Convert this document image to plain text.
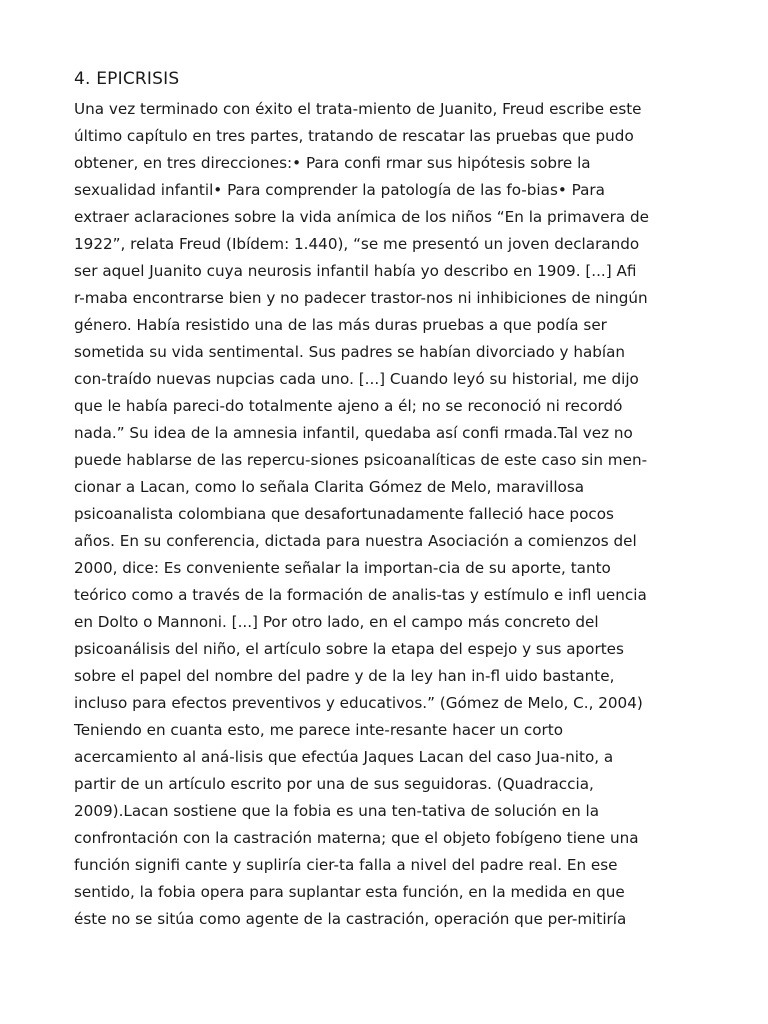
4. EPICRISIS
Una vez terminado con éxito el trata-miento de Juanito, Freud escribe este
último capítulo en tres partes, tratando de rescatar las pruebas que pudo
obtener, en tres direcciones:• Para confi rmar sus hipótesis sobre la
sexualidad infantil• Para comprender la patología de las fo-bias• Para
extraer aclaraciones sobre la vida anímica de los niños “En la primavera de
1922”, relata Freud (Ibídem: 1.440), “se me presentó un joven declarando
ser aquel Juanito cuya neurosis infantil había yo describo en 1909. [...] Afi
r-maba encontrarse bien y no padecer trastor-nos ni inhibiciones de ningún
género. Había resistido una de las más duras pruebas a que podía ser
sometida su vida sentimental. Sus padres se habían divorciado y habían
con-traído nuevas nupcias cada uno. [...] Cuando leyó su historial, me dijo
que le había pareci-do totalmente ajeno a él; no se reconoció ni recordó
nada.” Su idea de la amnesia infantil, quedaba así confi rmada.Tal vez no
puede hablarse de las repercu-siones psicoanalíticas de este caso sin men-
cionar a Lacan, como lo señala Clarita Gómez de Melo, maravillosa
psicoanalista colombiana que desafortunadamente falleció hace pocos
años. En su conferencia, dictada para nuestra Asociación a comienzos del
2000, dice: Es conveniente señalar la importan-cia de su aporte, tanto
teórico como a través de la formación de analis-tas y estímulo e infl uencia
en Dolto o Mannoni. [...] Por otro lado, en el campo más concreto del
psicoanálisis del niño, el artículo sobre la etapa del espejo y sus aportes
sobre el papel del nombre del padre y de la ley han in-fl uido bastante,
incluso para efectos preventivos y educativos.” (Gómez de Melo, C., 2004)
Teniendo en cuanta esto, me parece inte-resante hacer un corto
acercamiento al aná-lisis que efectúa Jaques Lacan del caso Jua-nito, a
partir de un artículo escrito por una de sus seguidoras. (Quadraccia,
2009).Lacan sostiene que la fobia es una ten-tativa de solución en la
confrontación con la castración materna; que el objeto fobígeno tiene una
función signifi cante y supliría cier-ta falla a nivel del padre real. En ese
sentido, la fobia opera para suplantar esta función, en la medida en que
éste no se sitúa como agente de la castración, operación que per-mitiría
